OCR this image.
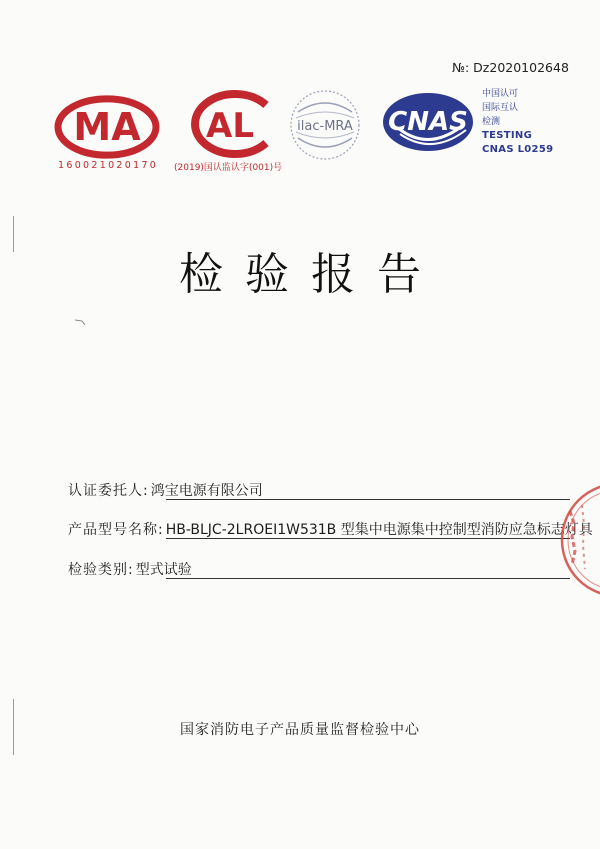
№: Dz2020102648
MA
160021020170
AL
(2019)国认监认字(001)号
ilac-MRA CNAS
中国认可
国际互认
检测
TESTING
CNAS L0259
检验报告
认证委托人: 鸿宝电源有限公司
产品型号名称: HB-BLJC-2LROEⅠ1W531B 型集中电源集中控制型消防应急标志灯具
检验类别: 型式试验
国家消防电子产品质量监督检验中心
